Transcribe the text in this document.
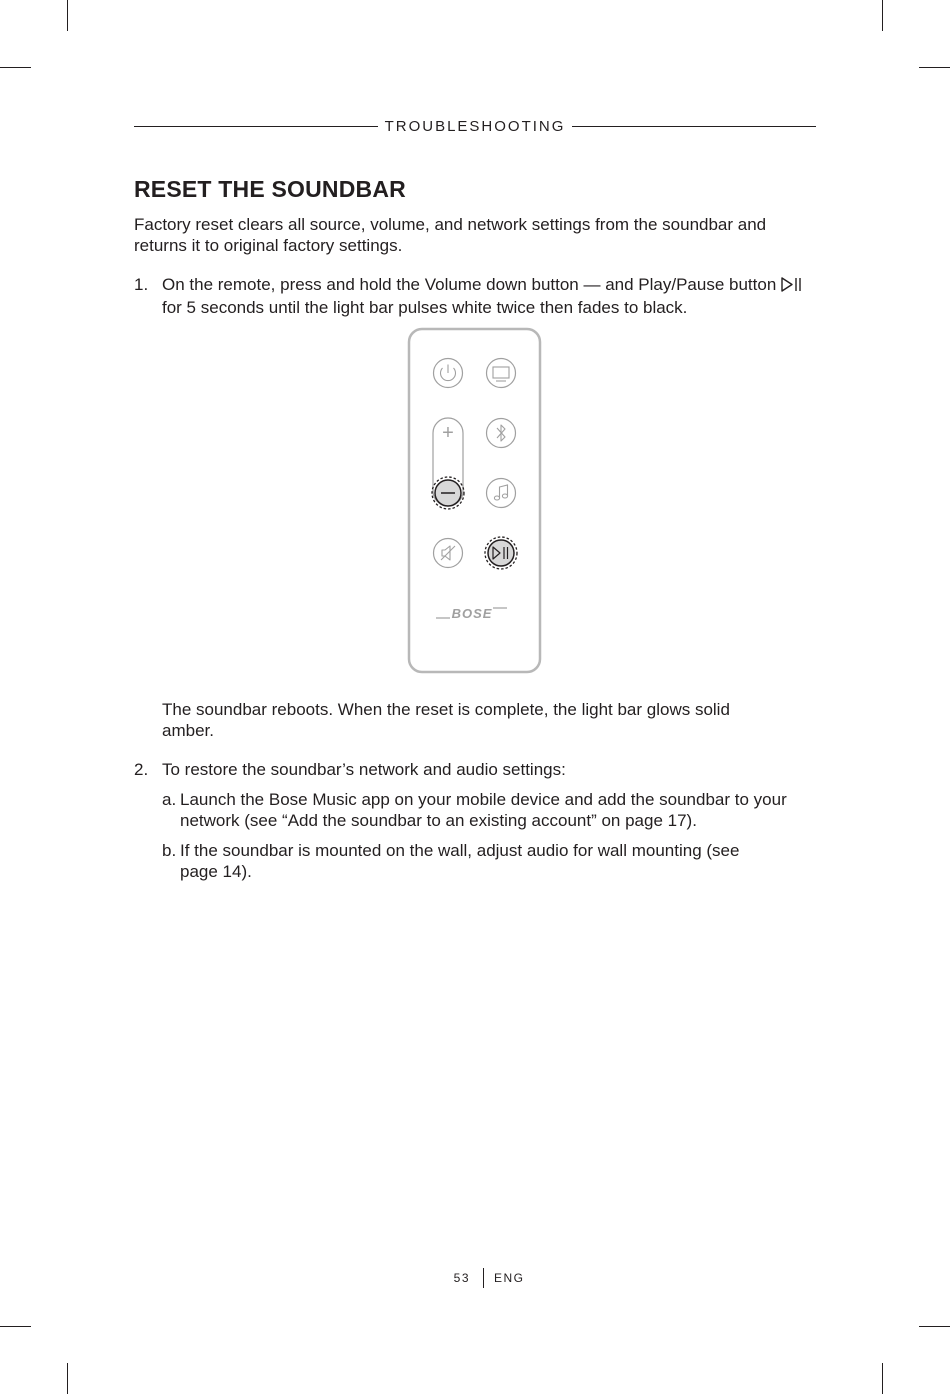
TROUBLESHOOTING
RESET THE SOUNDBAR

Factory reset clears all source, volume, and network settings from the soundbar and returns it to original factory settings.

1. On the remote, press and hold the Volume down button — and Play/Pause button  for 5 seconds until the light bar pulses white twice then fades to black.

+
BOSE

The soundbar reboots. When the reset is complete, the light bar glows solid amber.

2. To restore the soundbar’s network and audio settings:

a. Launch the Bose Music app on your mobile device and add the soundbar to your network (see “Add the soundbar to an existing account” on page 17).

b. If the soundbar is mounted on the wall, adjust audio for wall mounting (see page 14).

53 ENG
